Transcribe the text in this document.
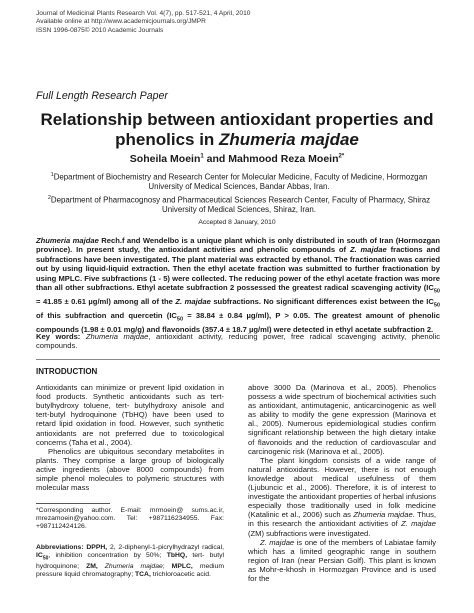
Journal of Medicinal Plants Research Vol. 4(7), pp. 517-521, 4 April, 2010
Available online at http://www.academicjournals.org/JMPR
ISSN 1996-0875© 2010 Academic Journals
Full Length Research Paper
Relationship between antioxidant properties and
phenolics in Zhumeria majdae
Soheila Moein$^1$ and Mahmood Reza Moein$^{2*}$

$^1$Department of Biochemistry and Research Center for Molecular Medicine, Faculty of Medicine, Hormozgan University of Medical Sciences, Bandar Abbas, Iran.

$^2$Department of Pharmacognosy and Pharmaceutical Sciences Research Center, Faculty of Pharmacy, Shiraz University of Medical Sciences, Shiraz, Iran.

Accepted 8 January, 2010
Zhumeria majdae Rech.f and Wendelbo is a unique plant which is only distributed in south of Iran (Hormozgan province). In present study, the antioxidant activities and phenolic compounds of Z. majdae fractions and subfractions have been investigated. The plant material was extracted by ethanol. The fractionation was carried out by using liquid-liquid extraction. Then the ethyl acetate fraction was submitted to further fractionation by using MPLC. Five subfractions (1 - 5) were collected. The reducing power of the ethyl acetate fraction was more than all other subfractions. Ethyl acetate subfraction 2 possessed the greatest radical scavenging activity ($IC_{50} = 41.85 \pm 0.61$ µg/ml) among all of the Z. majdae subfractions. No significant differences exist between the $IC_{50}$ of this subfraction and quercetin ($IC_{50} = 38.84 \pm 0.84$ µg/ml), P > 0.05. The greatest amount of phenolic compounds (1.98 ± 0.01 mg/g) and flavonoids (357.4 ± 18.7 µg/ml) were detected in ethyl acetate subfraction 2.
Key words: Zhumeria majdae, antioxidant activity, reducing power, free radical scavenging activity, phenolic compounds.
INTRODUCTION

Antioxidants can minimize or prevent lipid oxidation in food products. Synthetic antioxidants such as tert-butylhydroxy toluene, tert- butylhydroxy anisole and tert-butyl hydroquinone (TbHQ) have been used to retard lipid oxidation in food. However, such synthetic antioxidants are not preferred due to toxicological concerns (Taha et al., 2004).

Phenolics are ubiquitous secondary metabolites in plants. They comprise a large group of biologically active ingredients (above 8000 compounds) from simple phenol molecules to polymeric structures with molecular mass

above 3000 Da (Marinova et al., 2005). Phenolics possess a wide spectrum of biochemical activities such as antioxidant, antimutagenic, anticarcinogenic as well as ability to modify the gene expression (Marinova et al., 2005). Numerous epidemiological studies confirm significant relationship between the high dietary intake of flavonoids and the reduction of cardiovascular and carcinogenic risk (Marinova et al., 2005).

The plant kingdom consists of a wide range of natural antioxidants. However, there is not enough knowledge about medical usefulness of them (Ljubuncic et al., 2006). Therefore, it is of interest to investigate the antioxidant properties of herbal infusions especially those traditionally used in folk medicine (Katalinic et al., 2006) such as Zhumeria majdae. Thus, in this research the antioxidant activities of Z. majdae (ZM) subfractions were investigated.

Z. majdae is one of the members of Labiatae family which has a limited geographic range in southern region of Iran (near Persian Golf). This plant is known as Mohr-e-khosh in Hormozgan Province and is used for the

*Corresponding author. E-mail: mrmoein@ sums.ac.ir, mrezamoein@yahoo.com. Tel: +987116234955. Fax: +987112424126.
Abbreviations: DPPH, 2, 2-diphenyl-1-picrylhydrazyl radical, $IC_{50}$, inhibition concentration by 50%; TbHQ, tert- butyl hydroquinone; ZM, Zhumeria majdae; MPLC, medium pressure liquid chromatography; TCA, trichloroacetic acid.
